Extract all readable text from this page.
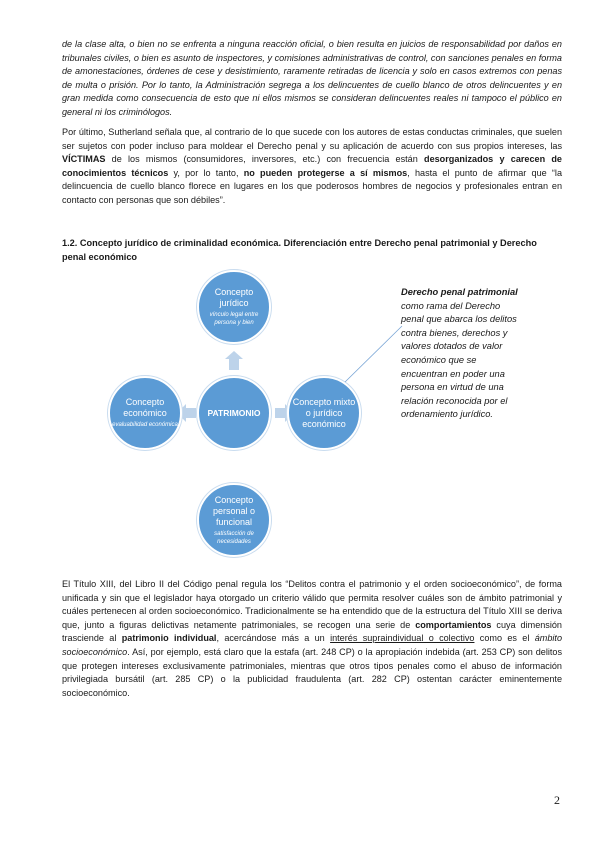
de la clase alta, o bien no se enfrenta a ninguna reacción oficial, o bien resulta en juicios de responsabilidad por daños en tribunales civiles, o bien es asunto de inspectores, y comisiones administrativas de control, con sanciones penales en forma de amonestaciones, órdenes de cese y desistimiento, raramente retiradas de licencia y solo en casos extremos con penas de multa o prisión. Por lo tanto, la Administración segrega a los delincuentes de cuello blanco de otros delincuentes y en gran medida como consecuencia de esto que ni ellos mismos se consideran delincuentes reales ni tampoco el público en general ni los criminólogos.

Por último, Sutherland señala que, al contrario de lo que sucede con los autores de estas conductas criminales, que suelen ser sujetos con poder incluso para moldear el Derecho penal y su aplicación de acuerdo con sus propios intereses, las VÍCTIMAS de los mismos (consumidores, inversores, etc.) con frecuencia están desorganizados y carecen de conocimientos técnicos y, por lo tanto, no pueden protegerse a sí mismos, hasta el punto de afirmar que “la delincuencia de cuello blanco florece en lugares en los que poderosos hombres de negocios y profesionales entran en contacto con personas que son débiles”.

1.2. Concepto jurídico de criminalidad económica. Diferenciación entre Derecho penal patrimonial y Derecho penal económico

Concepto jurídico
vínculo legal entre persona y bien
PATRIMONIO
Concepto económico
evaluabilidad económica
Concepto mixto o jurídico económico
Concepto personal o funcional
satisfacción de necesidades

Derecho penal patrimonial como rama del Derecho penal que abarca los delitos contra bienes, derechos y valores dotados de valor económico que se encuentran en poder una persona en virtud de una relación reconocida por el ordenamiento jurídico.

El Título XIII, del Libro II del Código penal regula los “Delitos contra el patrimonio y el orden socioeconómico”, de forma unificada y sin que el legislador haya otorgado un criterio válido que permita resolver cuáles son de ámbito patrimonial y cuáles pertenecen al orden socioeconómico. Tradicionalmente se ha entendido que de la estructura del Título XIII se deriva que, junto a figuras delictivas netamente patrimoniales, se recogen una serie de comportamientos cuya dimensión trasciende al patrimonio individual, acercándose más a un interés supraindividual o colectivo como es el ámbito socioeconómico. Así, por ejemplo, está claro que la estafa (art. 248 CP) o la apropiación indebida (art. 253 CP) son delitos que protegen intereses exclusivamente patrimoniales, mientras que otros tipos penales como el abuso de información privilegiada bursátil (art. 285 CP) o la publicidad fraudulenta (art. 282 CP) ostentan carácter eminentemente socioeconómico.

2
